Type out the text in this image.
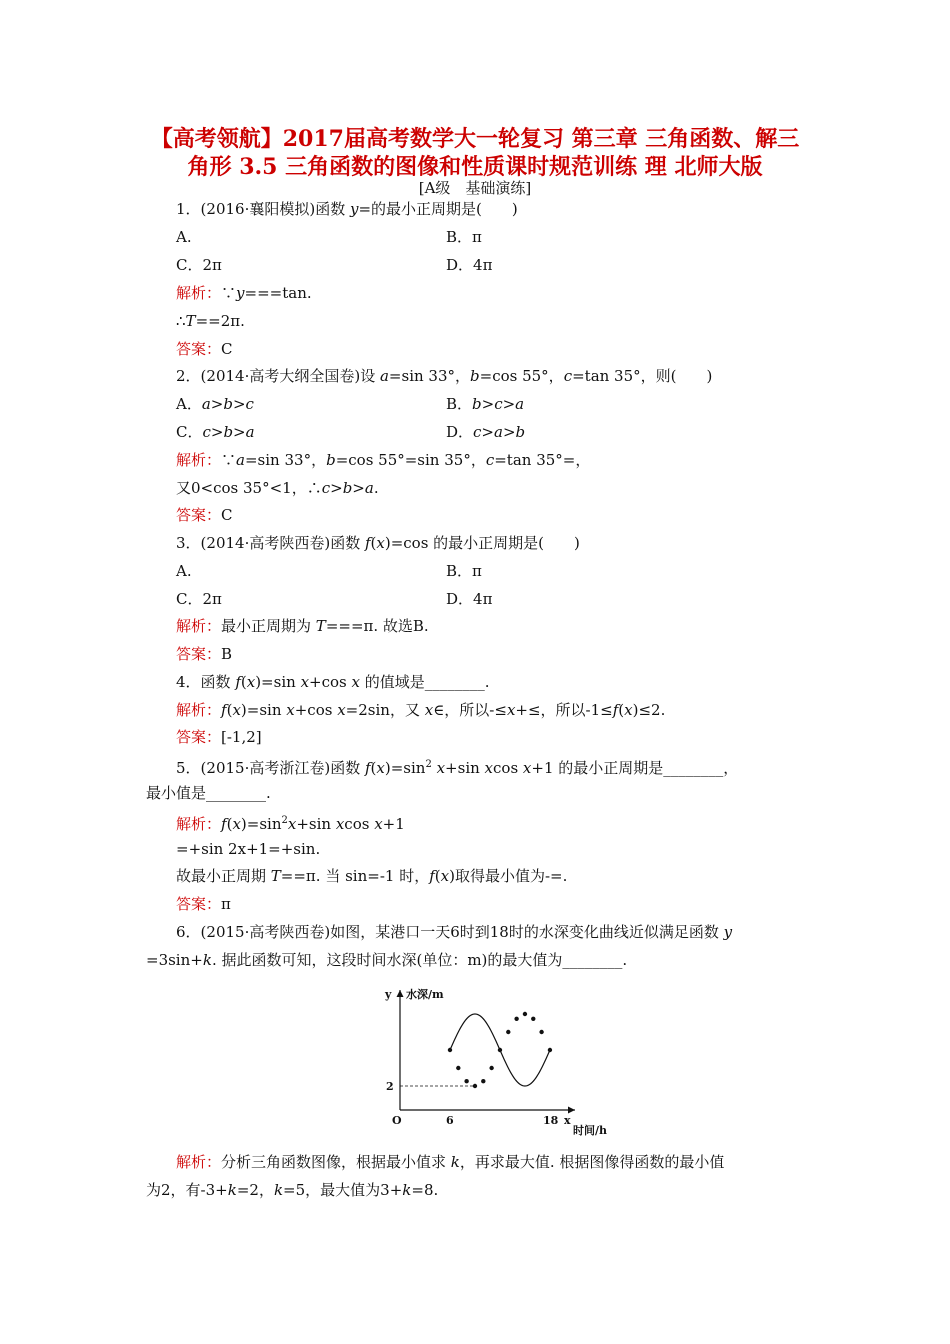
【高考领航】2017届高考数学大一轮复习 第三章 三角函数、解三
角形 3.5 三角函数的图像和性质课时规范训练 理 北师大版
[A级　基础演练]
1．(2016·襄阳模拟)函数 y=的最小正周期是(　　)
A.	B．π
C．2π	D．4π
解析：∵y===tan.
∴T==2π.
答案：C
2．(2014·高考大纲全国卷)设 a=sin 33°，b=cos 55°，c=tan 35°，则(　　)
A．a>b>c	B．b>c>a
C．c>b>a	D．c>a>b
解析：∵a=sin 33°，b=cos 55°=sin 35°，c=tan 35°=，
又0<cos 35°<1，∴c>b>a.
答案：C
3．(2014·高考陕西卷)函数 f(x)=cos 的最小正周期是(　　)
A.	B．π
C．2π	D．4π
解析：最小正周期为 T===π. 故选B.
答案：B
4．函数 f(x)=sin x+cos x 的值域是________.
解析：f(x)=sin x+cos x=2sin，又 x∈，所以-≤x+≤，所以-1≤f(x)≤2.
答案：[-1,2]
5．(2015·高考浙江卷)函数 $f(x)=\sin^2$ x+sin xcos x+1 的最小正周期是________，
最小值是________.
解析：$f(x)=\sin^2x+\sin$ xcos x+1
=+sin 2x+1=+sin.
故最小正周期 T==π. 当 sin=-1 时，f(x)取得最小值为-=.
答案：π
6．(2015·高考陕西卷)如图，某港口一天6时到18时的水深变化曲线近似满足函数 y
=3sin+k. 据此函数可知，这段时间水深(单位：m)的最大值为________.
y 水深/m
O	6	18
2
x
时间/h
解析：分析三角函数图像，根据最小值求 k，再求最大值. 根据图像得函数的最小值
为2，有-3+k=2，k=5，最大值为3+k=8.
